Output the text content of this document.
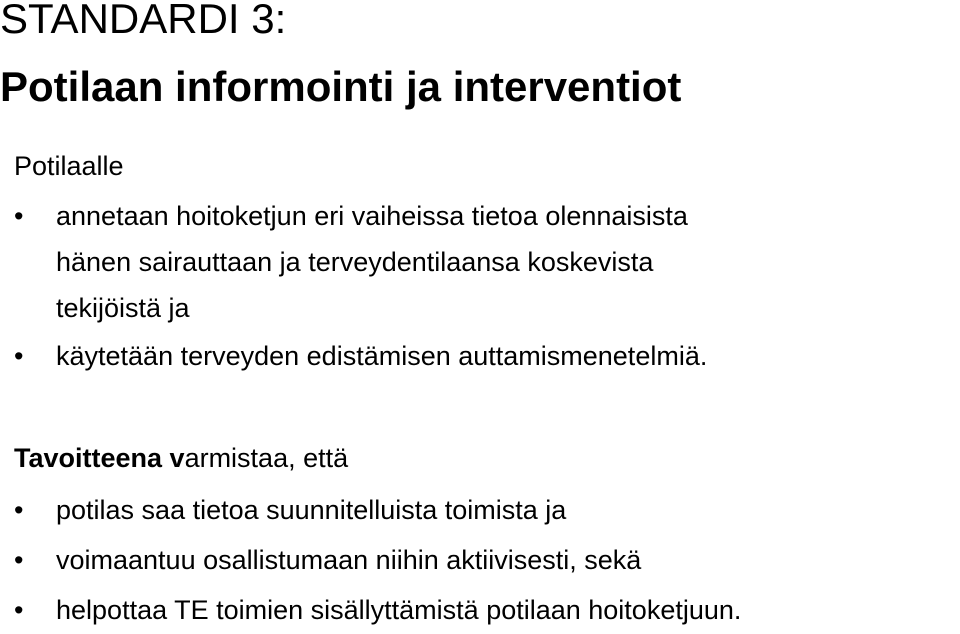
STANDARDI 3:
Potilaan informointi ja interventiot
Potilaalle
•	annetaan hoitoketjun eri vaiheissa tietoa olennaisista
hänen sairauttaan ja terveydentilaansa koskevista
tekijöistä ja
•	käytetään terveyden edistämisen auttamismenetelmiä.
Tavoitteena varmistaa, että
•	potilas saa tietoa suunnitelluista toimista ja
•	voimaantuu osallistumaan niihin aktiivisesti, sekä
•	helpottaa TE toimien sisällyttämistä potilaan hoitoketjuun.
